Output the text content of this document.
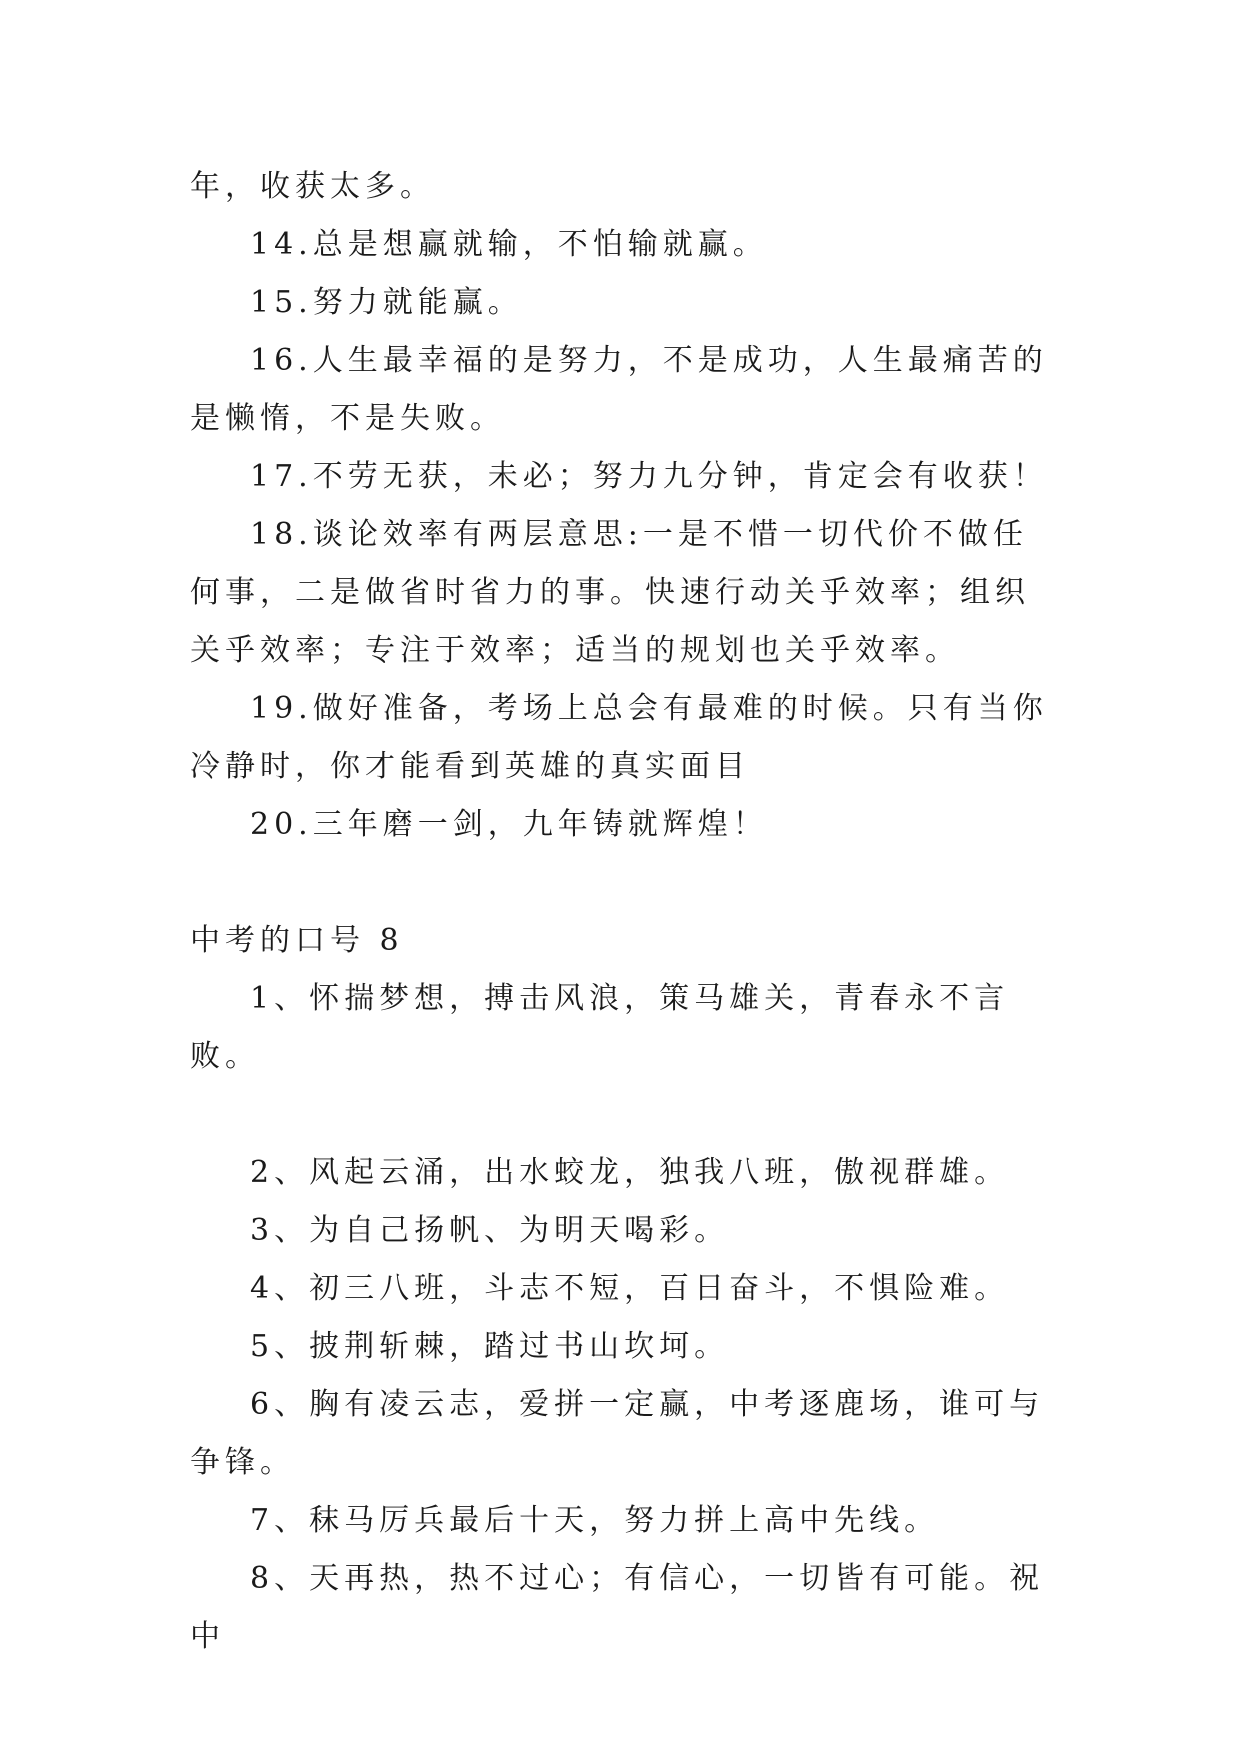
年，收获太多。

14.总是想赢就输，不怕输就赢。

15.努力就能赢。

16.人生最幸福的是努力，不是成功，人生最痛苦的是懒惰，不是失败。

17.不劳无获，未必；努力九分钟，肯定会有收获！

18.谈论效率有两层意思:一是不惜一切代价不做任何事，二是做省时省力的事。快速行动关乎效率；组织关乎效率；专注于效率；适当的规划也关乎效率。

19.做好准备，考场上总会有最难的时候。只有当你冷静时，你才能看到英雄的真实面目

20.三年磨一剑，九年铸就辉煌！

中考的口号 8

1、怀揣梦想，搏击风浪，策马雄关，青春永不言败。

2、风起云涌，出水蛟龙，独我八班，傲视群雄。

3、为自己扬帆、为明天喝彩。

4、初三八班，斗志不短，百日奋斗，不惧险难。

5、披荆斩棘，踏过书山坎坷。

6、胸有凌云志，爱拼一定赢，中考逐鹿场，谁可与争锋。

7、秣马厉兵最后十天，努力拼上高中先线。

8、天再热，热不过心；有信心，一切皆有可能。祝中
